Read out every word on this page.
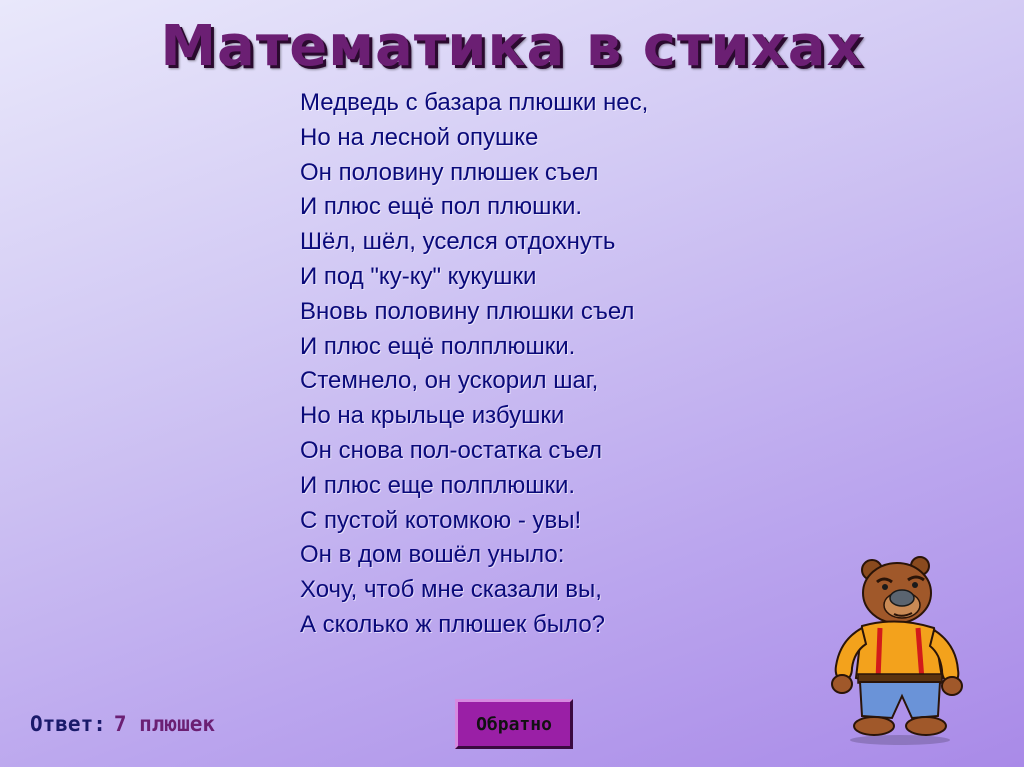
Математика в стихах
Медведь с базара плюшки нес,
Но на лесной опушке
Он половину плюшек съел
И плюс ещё пол плюшки.
Шёл, шёл, уселся отдохнуть
И под "ку-ку" кукушки
Вновь половину плюшки съел
И плюс ещё полплюшки.
Стемнело, он ускорил шаг,
Но на крыльце избушки
Он снова пол-остатка съел
И плюс еще полплюшки.
С пустой котомкою - увы!
Он в дом вошёл уныло:
Хочу, чтоб мне сказали вы,
А сколько ж плюшек было?
Ответ: 7 плюшек	Обратно
